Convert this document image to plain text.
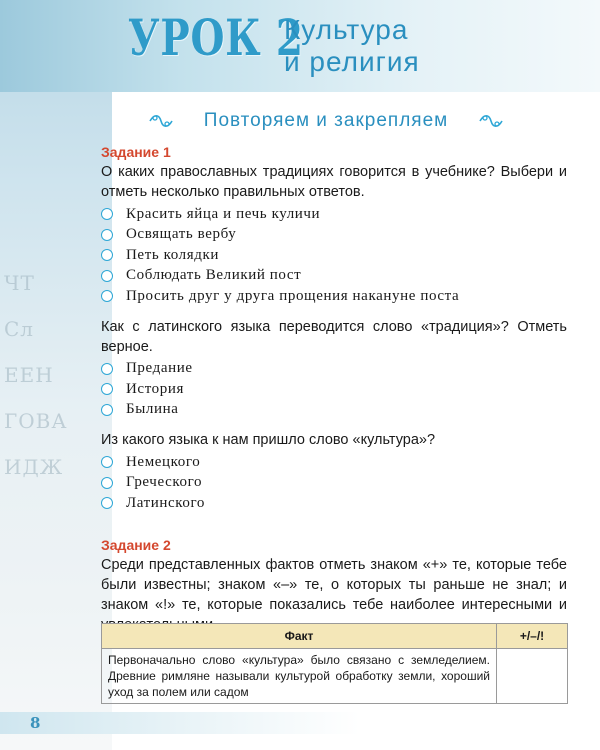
ЧТ
Сл
ЕЕН
ГОВА
ИДЖ
УРОК 2
Культура
и религия
Повторяем и закрепляем

Задание 1

О каких православных традициях говорится в учебнике? Выбери и отметь несколько правильных ответов.

Красить яйца и печь куличи
Освящать вербу
Петь колядки
Соблюдать Великий пост
Просить друг у друга прощения накануне поста

Как с латинского языка переводится слово «традиция»? Отметь верное.

Предание
История
Былина

Из какого языка к нам пришло слово «культура»?

Немецкого
Греческого
Латинского

Задание 2

Среди представленных фактов отметь знаком «+» те, которые тебе были известны; знаком «–» те, о которых ты раньше не знал; и знаком «!» те, которые показались тебе наиболее интересными и

Факт	+/–/!
Первоначально слово «культура» было связано с земледелием. Древние римляне называли культурой обработку земли, хороший уход за полем или садом	
8
